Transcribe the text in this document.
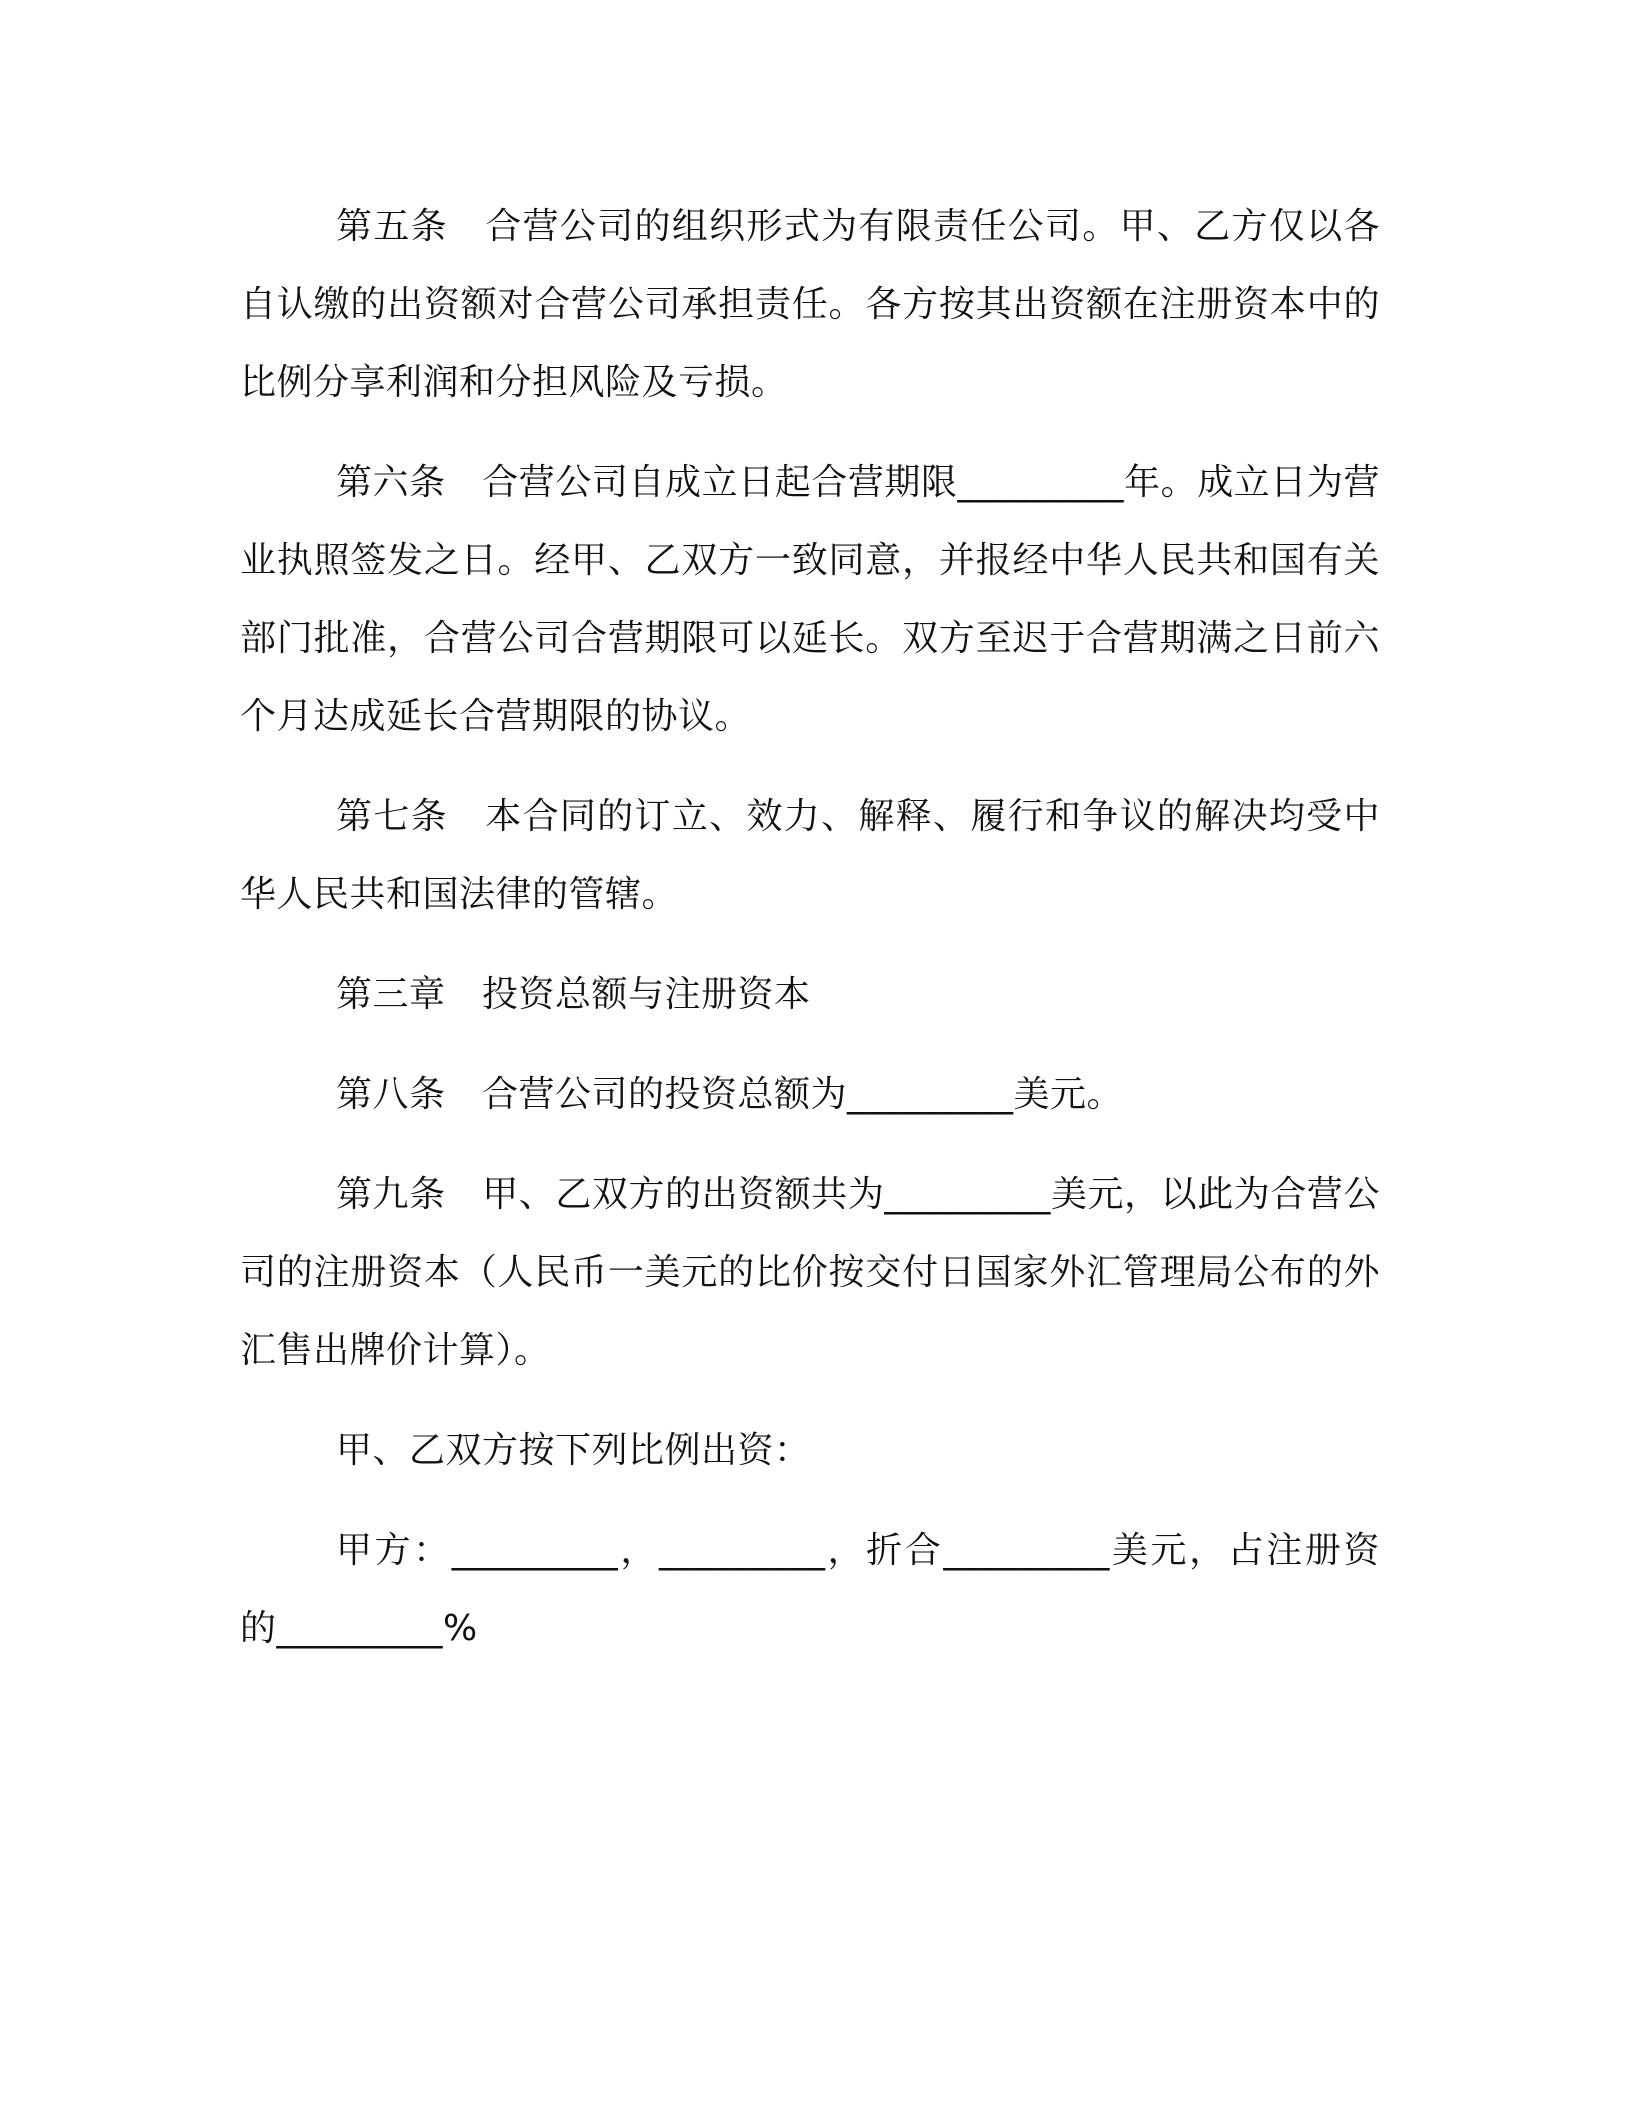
第五条　合营公司的组织形式为有限责任公司。甲、乙方仅以各自认缴的出资额对合营公司承担责任。各方按其出资额在注册资本中的比例分享利润和分担风险及亏损。

第六条　合营公司自成立日起合营期限_________年。成立日为营业执照签发之日。经甲、乙双方一致同意，并报经中华人民共和国有关部门批准，合营公司合营期限可以延长。双方至迟于合营期满之日前六个月达成延长合营期限的协议。

第七条　本合同的订立、效力、解释、履行和争议的解决均受中华人民共和国法律的管辖。

第三章　投资总额与注册资本

第八条　合营公司的投资总额为_________美元。

第九条　甲、乙双方的出资额共为_________美元，以此为合营公司的注册资本（人民币一美元的比价按交付日国家外汇管理局公布的外汇售出牌价计算）。

甲、乙双方按下列比例出资：

甲方：_________，_________，折合_________美元，占注册资的_________%
